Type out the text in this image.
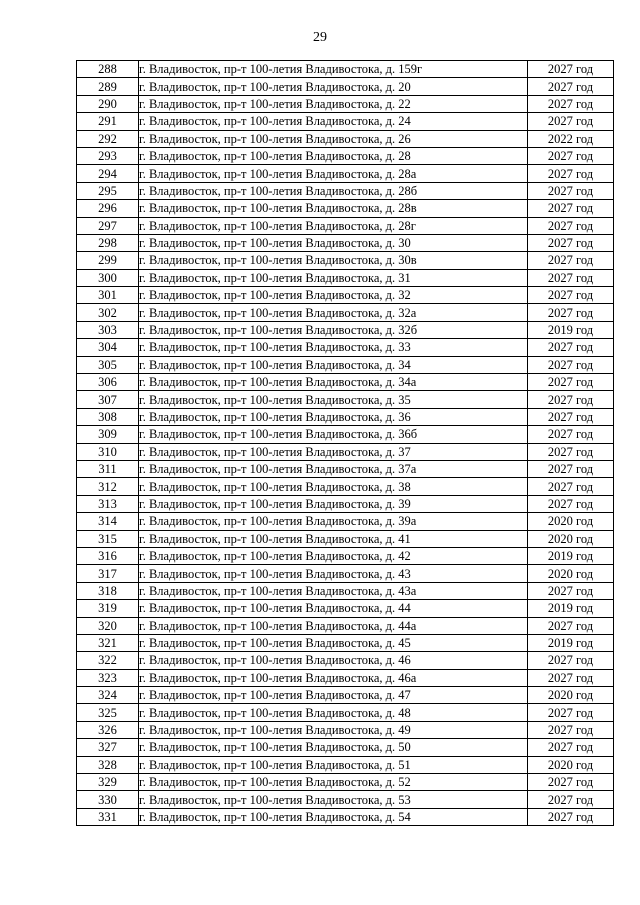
29
288	г. Владивосток, пр-т 100-летия Владивостока, д. 159г	2027 год
289	г. Владивосток, пр-т 100-летия Владивостока, д. 20	2027 год
290	г. Владивосток, пр-т 100-летия Владивостока, д. 22	2027 год
291	г. Владивосток, пр-т 100-летия Владивостока, д. 24	2027 год
292	г. Владивосток, пр-т 100-летия Владивостока, д. 26	2022 год
293	г. Владивосток, пр-т 100-летия Владивостока, д. 28	2027 год
294	г. Владивосток, пр-т 100-летия Владивостока, д. 28а	2027 год
295	г. Владивосток, пр-т 100-летия Владивостока, д. 28б	2027 год
296	г. Владивосток, пр-т 100-летия Владивостока, д. 28в	2027 год
297	г. Владивосток, пр-т 100-летия Владивостока, д. 28г	2027 год
298	г. Владивосток, пр-т 100-летия Владивостока, д. 30	2027 год
299	г. Владивосток, пр-т 100-летия Владивостока, д. 30в	2027 год
300	г. Владивосток, пр-т 100-летия Владивостока, д. 31	2027 год
301	г. Владивосток, пр-т 100-летия Владивостока, д. 32	2027 год
302	г. Владивосток, пр-т 100-летия Владивостока, д. 32а	2027 год
303	г. Владивосток, пр-т 100-летия Владивостока, д. 32б	2019 год
304	г. Владивосток, пр-т 100-летия Владивостока, д. 33	2027 год
305	г. Владивосток, пр-т 100-летия Владивостока, д. 34	2027 год
306	г. Владивосток, пр-т 100-летия Владивостока, д. 34а	2027 год
307	г. Владивосток, пр-т 100-летия Владивостока, д. 35	2027 год
308	г. Владивосток, пр-т 100-летия Владивостока, д. 36	2027 год
309	г. Владивосток, пр-т 100-летия Владивостока, д. 36б	2027 год
310	г. Владивосток, пр-т 100-летия Владивостока, д. 37	2027 год
311	г. Владивосток, пр-т 100-летия Владивостока, д. 37а	2027 год
312	г. Владивосток, пр-т 100-летия Владивостока, д. 38	2027 год
313	г. Владивосток, пр-т 100-летия Владивостока, д. 39	2027 год
314	г. Владивосток, пр-т 100-летия Владивостока, д. 39а	2020 год
315	г. Владивосток, пр-т 100-летия Владивостока, д. 41	2020 год
316	г. Владивосток, пр-т 100-летия Владивостока, д. 42	2019 год
317	г. Владивосток, пр-т 100-летия Владивостока, д. 43	2020 год
318	г. Владивосток, пр-т 100-летия Владивостока, д. 43а	2027 год
319	г. Владивосток, пр-т 100-летия Владивостока, д. 44	2019 год
320	г. Владивосток, пр-т 100-летия Владивостока, д. 44а	2027 год
321	г. Владивосток, пр-т 100-летия Владивостока, д. 45	2019 год
322	г. Владивосток, пр-т 100-летия Владивостока, д. 46	2027 год
323	г. Владивосток, пр-т 100-летия Владивостока, д. 46а	2027 год
324	г. Владивосток, пр-т 100-летия Владивостока, д. 47	2020 год
325	г. Владивосток, пр-т 100-летия Владивостока, д. 48	2027 год
326	г. Владивосток, пр-т 100-летия Владивостока, д. 49	2027 год
327	г. Владивосток, пр-т 100-летия Владивостока, д. 50	2027 год
328	г. Владивосток, пр-т 100-летия Владивостока, д. 51	2020 год
329	г. Владивосток, пр-т 100-летия Владивостока, д. 52	2027 год
330	г. Владивосток, пр-т 100-летия Владивостока, д. 53	2027 год
331	г. Владивосток, пр-т 100-летия Владивостока, д. 54	2027 год
